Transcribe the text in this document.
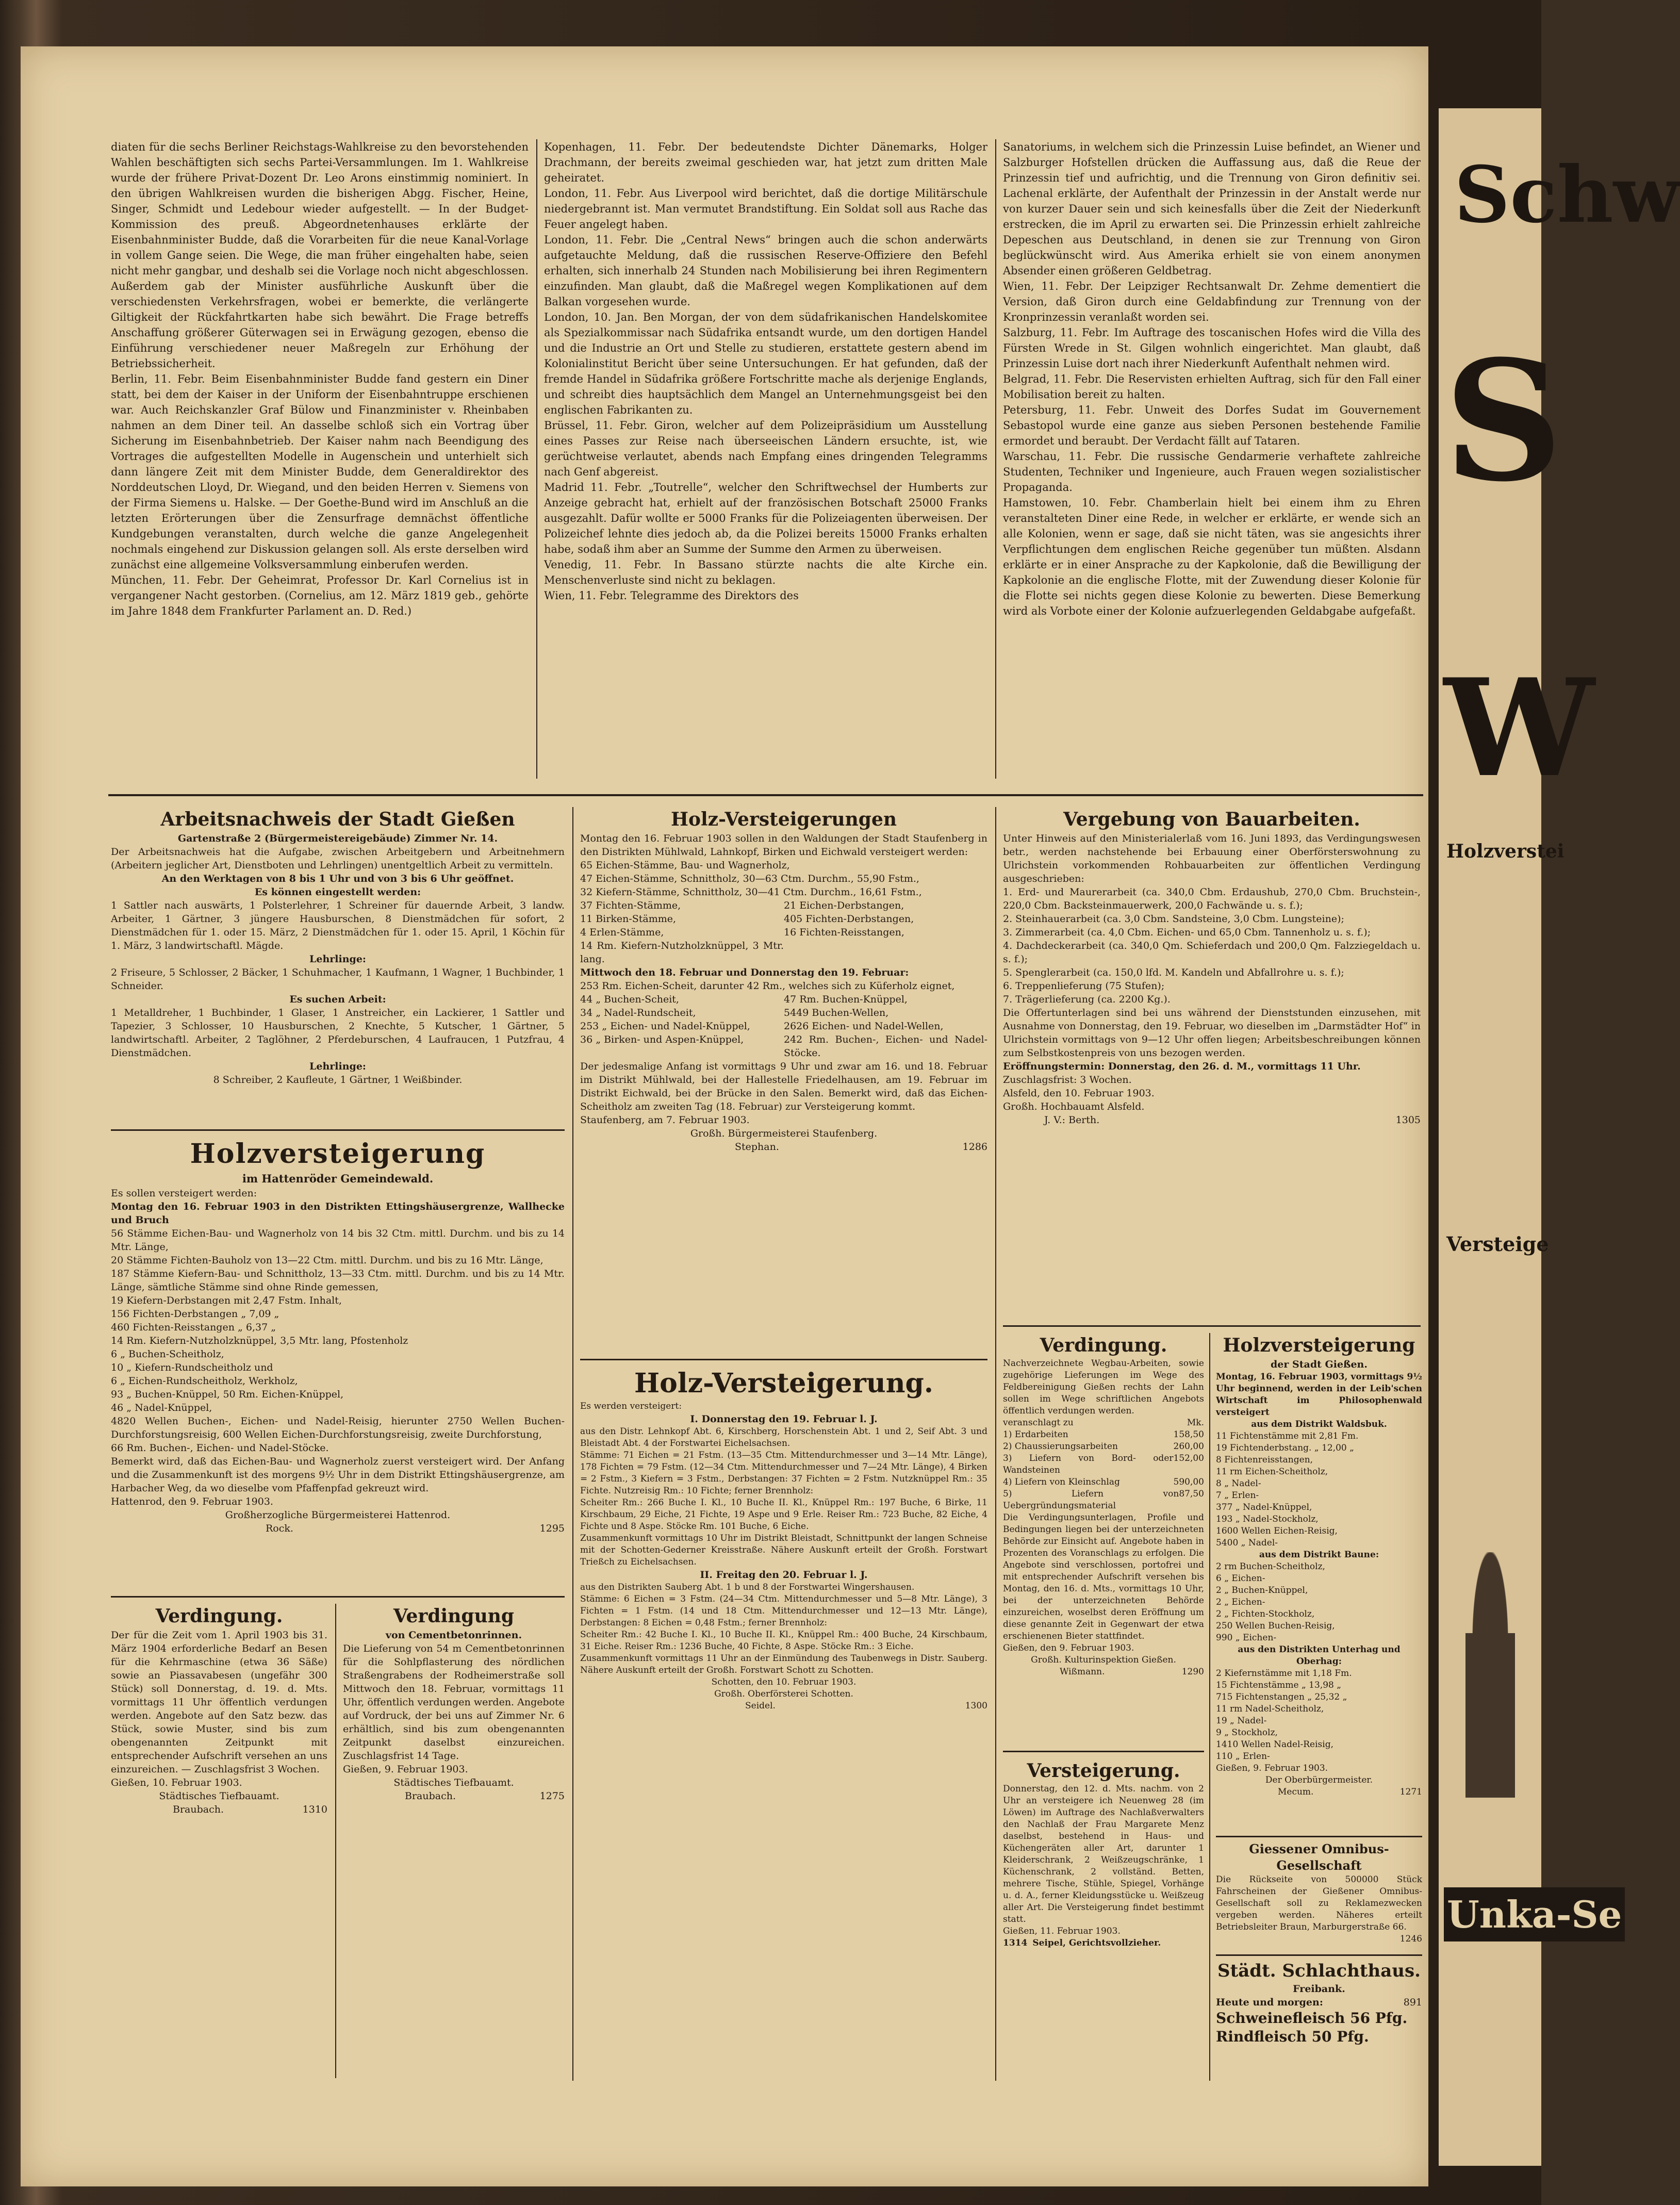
diaten für die sechs Berliner Reichstags-Wahlkreise zu den bevorstehenden Wahlen beschäftigten sich sechs Partei-Versammlungen. Im 1. Wahlkreise wurde der frühere Privat-Dozent Dr. Leo Arons einstimmig nominiert. In den übrigen Wahlkreisen wurden die bisherigen Abgg. Fischer, Heine, Singer, Schmidt und Ledebour wieder aufgestellt. — In der Budget-Kommission des preuß. Abgeordnetenhauses erklärte der Eisenbahnminister Budde, daß die Vorarbeiten für die neue Kanal-Vorlage in vollem Gange seien. Die Wege, die man früher eingehalten habe, seien nicht mehr gangbar, und deshalb sei die Vorlage noch nicht abgeschlossen. Außerdem gab der Minister ausführliche Auskunft über die verschiedensten Verkehrsfragen, wobei er bemerkte, die verlängerte Giltigkeit der Rückfahrtkarten habe sich bewährt. Die Frage betreffs Anschaffung größerer Güterwagen sei in Erwägung gezogen, ebenso die Einführung verschiedener neuer Maßregeln zur Erhöhung der Betriebssicherheit.
Berlin, 11. Febr. Beim Eisenbahnminister Budde fand gestern ein Diner statt, bei dem der Kaiser in der Uniform der Eisenbahntruppe erschienen war. Auch Reichskanzler Graf Bülow und Finanzminister v. Rheinbaben nahmen an dem Diner teil. An dasselbe schloß sich ein Vortrag über Sicherung im Eisenbahnbetrieb. Der Kaiser nahm nach Beendigung des Vortrages die aufgestellten Modelle in Augenschein und unterhielt sich dann längere Zeit mit dem Minister Budde, dem Generaldirektor des Norddeutschen Lloyd, Dr. Wiegand, und den beiden Herren v. Siemens von der Firma Siemens u. Halske. — Der Goethe-Bund wird im Anschluß an die letzten Erörterungen über die Zensurfrage demnächst öffentliche Kundgebungen veranstalten, durch welche die ganze Angelegenheit nochmals eingehend zur Diskussion gelangen soll. Als erste derselben wird zunächst eine allgemeine Volksversammlung einberufen werden.
München, 11. Febr. Der Geheimrat, Professor Dr. Karl Cornelius ist in vergangener Nacht gestorben. (Cornelius, am 12. März 1819 geb., gehörte im Jahre 1848 dem Frankfurter Parlament an. D. Red.)

Kopenhagen, 11. Febr. Der bedeutendste Dichter Dänemarks, Holger Drachmann, der bereits zweimal geschieden war, hat jetzt zum dritten Male geheiratet.
London, 11. Febr. Aus Liverpool wird berichtet, daß die dortige Militärschule niedergebrannt ist. Man vermutet Brandstiftung. Ein Soldat soll aus Rache das Feuer angelegt haben.
London, 11. Febr. Die „Central News“ bringen auch die schon anderwärts aufgetauchte Meldung, daß die russischen Reserve-Offiziere den Befehl erhalten, sich innerhalb 24 Stunden nach Mobilisierung bei ihren Regimentern einzufinden. Man glaubt, daß die Maßregel wegen Komplikationen auf dem Balkan vorgesehen wurde.
London, 10. Jan. Ben Morgan, der von dem südafrikanischen Handelskomitee als Spezialkommissar nach Südafrika entsandt wurde, um den dortigen Handel und die Industrie an Ort und Stelle zu studieren, erstattete gestern abend im Kolonialinstitut Bericht über seine Untersuchungen. Er hat gefunden, daß der fremde Handel in Südafrika größere Fortschritte mache als derjenige Englands, und schreibt dies hauptsächlich dem Mangel an Unternehmungsgeist bei den englischen Fabrikanten zu.
Brüssel, 11. Febr. Giron, welcher auf dem Polizeipräsidium um Ausstellung eines Passes zur Reise nach überseeischen Ländern ersuchte, ist, wie gerüchtweise verlautet, abends nach Empfang eines dringenden Telegramms nach Genf abgereist.
Madrid 11. Febr. „Toutrelle“, welcher den Schriftwechsel der Humberts zur Anzeige gebracht hat, erhielt auf der französischen Botschaft 25000 Franks ausgezahlt. Dafür wollte er 5000 Franks für die Polizeiagenten überweisen. Der Polizeichef lehnte dies jedoch ab, da die Polizei bereits 15000 Franks erhalten habe, sodaß ihm aber an Summe der Summe den Armen zu überweisen.
Venedig, 11. Febr. In Bassano stürzte nachts die alte Kirche ein. Menschenverluste sind nicht zu beklagen.
Wien, 11. Febr. Telegramme des Direktors des

Sanatoriums, in welchem sich die Prinzessin Luise befindet, an Wiener und Salzburger Hofstellen drücken die Auffassung aus, daß die Reue der Prinzessin tief und aufrichtig, und die Trennung von Giron definitiv sei. Lachenal erklärte, der Aufenthalt der Prinzessin in der Anstalt werde nur von kurzer Dauer sein und sich keinesfalls über die Zeit der Niederkunft erstrecken, die im April zu erwarten sei. Die Prinzessin erhielt zahlreiche Depeschen aus Deutschland, in denen sie zur Trennung von Giron beglückwünscht wird. Aus Amerika erhielt sie von einem anonymen Absender einen größeren Geldbetrag.
Wien, 11. Febr. Der Leipziger Rechtsanwalt Dr. Zehme dementiert die Version, daß Giron durch eine Geldabfindung zur Trennung von der Kronprinzessin veranlaßt worden sei.
Salzburg, 11. Febr. Im Auftrage des toscanischen Hofes wird die Villa des Fürsten Wrede in St. Gilgen wohnlich eingerichtet. Man glaubt, daß Prinzessin Luise dort nach ihrer Niederkunft Aufenthalt nehmen wird.
Belgrad, 11. Febr. Die Reservisten erhielten Auftrag, sich für den Fall einer Mobilisation bereit zu halten.
Petersburg, 11. Febr. Unweit des Dorfes Sudat im Gouvernement Sebastopol wurde eine ganze aus sieben Personen bestehende Familie ermordet und beraubt. Der Verdacht fällt auf Tataren.
Warschau, 11. Febr. Die russische Gendarmerie verhaftete zahlreiche Studenten, Techniker und Ingenieure, auch Frauen wegen sozialistischer Propaganda.
Hamstowen, 10. Febr. Chamberlain hielt bei einem ihm zu Ehren veranstalteten Diner eine Rede, in welcher er erklärte, er wende sich an alle Kolonien, wenn er sage, daß sie nicht täten, was sie angesichts ihrer Verpflichtungen dem englischen Reiche gegenüber tun müßten. Alsdann erklärte er in einer Ansprache zu der Kapkolonie, daß die Bewilligung der Kapkolonie an die englische Flotte, mit der Zuwendung dieser Kolonie für die Flotte sei nichts gegen diese Kolonie zu bewerten. Diese Bemerkung wird als Vorbote einer der Kolonie aufzuerlegenden Geldabgabe aufgefaßt.

Arbeitsnachweis der Stadt Gießen

Gartenstraße 2 (Bürgermeistereigebäude) Zimmer Nr. 14.

Der Arbeitsnachweis hat die Aufgabe, zwischen Arbeitgebern und Arbeitnehmern (Arbeitern jeglicher Art, Dienstboten und Lehrlingen) unentgeltlich Arbeit zu vermitteln.

An den Werktagen von 8 bis 1 Uhr und von 3 bis 6 Uhr geöffnet.

Es können eingestellt werden:

1 Sattler nach auswärts, 1 Polsterlehrer, 1 Schreiner für dauernde Arbeit, 3 landw. Arbeiter, 1 Gärtner, 3 jüngere Hausburschen, 8 Dienstmädchen für sofort, 2 Dienstmädchen für 1. oder 15. März, 2 Dienstmädchen für 1. oder 15. April, 1 Köchin für 1. März, 3 landwirtschaftl. Mägde.

Lehrlinge:

2 Friseure, 5 Schlosser, 2 Bäcker, 1 Schuhmacher, 1 Kaufmann, 1 Wagner, 1 Buchbinder, 1 Schneider.

Es suchen Arbeit:

1 Metalldreher, 1 Buchbinder, 1 Glaser, 1 Anstreicher, ein Lackierer, 1 Sattler und Tapezier, 3 Schlosser, 10 Hausburschen, 2 Knechte, 5 Kutscher, 1 Gärtner, 5 landwirtschaftl. Arbeiter, 2 Taglöhner, 2 Pferdeburschen, 4 Laufraucen, 1 Putzfrau, 4 Dienstmädchen.

Lehrlinge:

8 Schreiber, 2 Kaufleute, 1 Gärtner, 1 Weißbinder.

Holzversteigerung

im Hattenröder Gemeindewald.

Es sollen versteigert werden:

Montag den 16. Februar 1903 in den Distrikten Ettingshäusergrenze, Wallhecke und Bruch

56 Stämme Eichen-Bau- und Wagnerholz von 14 bis 32 Ctm. mittl. Durchm. und bis zu 14 Mtr. Länge,

20 Stämme Fichten-Bauholz von 13—22 Ctm. mittl. Durchm. und bis zu 16 Mtr. Länge,

187 Stämme Kiefern-Bau- und Schnittholz, 13—33 Ctm. mittl. Durchm. und bis zu 14 Mtr. Länge, sämtliche Stämme sind ohne Rinde gemessen,

19 Kiefern-Derbstangen mit 2,47 Fstm. Inhalt,

156 Fichten-Derbstangen „ 7,09 „

460 Fichten-Reisstangen „ 6,37 „

14 Rm. Kiefern-Nutzholzknüppel, 3,5 Mtr. lang, Pfostenholz

6 „ Buchen-Scheitholz,

10 „ Kiefern-Rundscheitholz und

6 „ Eichen-Rundscheitholz, Werkholz,

93 „ Buchen-Knüppel, 50 Rm. Eichen-Knüppel,

46 „ Nadel-Knüppel,

4820 Wellen Buchen-, Eichen- und Nadel-Reisig, hierunter 2750 Wellen Buchen-Durchforstungsreisig, 600 Wellen Eichen-Durchforstungsreisig, zweite Durchforstung,

66 Rm. Buchen-, Eichen- und Nadel-Stöcke.

Bemerkt wird, daß das Eichen-Bau- und Wagnerholz zuerst versteigert wird. Der Anfang und die Zusammenkunft ist des morgens 9½ Uhr in dem Distrikt Ettingshäusergrenze, am Harbacher Weg, da wo dieselbe vom Pfaffenpfad gekreuzt wird.

Hattenrod, den 9. Februar 1903.

Großherzogliche Bürgermeisterei Hattenrod.

Rock.	1295

Verdingung.

Der für die Zeit vom 1. April 1903 bis 31. März 1904 erforderliche Bedarf an Besen für die Kehrmaschine (etwa 36 Säße) sowie an Piassavabesen (ungefähr 300 Stück) soll Donnerstag, d. 19. d. Mts. vormittags 11 Uhr öffentlich verdungen werden. Angebote auf den Satz bezw. das Stück, sowie Muster, sind bis zum obengenannten Zeitpunkt mit entsprechender Aufschrift versehen an uns einzureichen. — Zuschlagsfrist 3 Wochen.

Gießen, 10. Februar 1903.

Städtisches Tiefbauamt.

Braubach.	1310

Verdingung

von Cementbetonrinnen.

Die Lieferung von 54 m Cementbetonrinnen für die Sohlpflasterung des nördlichen Straßengrabens der Rodheimerstraße soll Mittwoch den 18. Februar, vormittags 11 Uhr, öffentlich verdungen werden. Angebote auf Vordruck, der bei uns auf Zimmer Nr. 6 erhältlich, sind bis zum obengenannten Zeitpunkt daselbst einzureichen. Zuschlagsfrist 14 Tage.

Gießen, 9. Februar 1903.

Städtisches Tiefbauamt.

Braubach.	1275

Holz-Versteigerungen

Montag den 16. Februar 1903 sollen in den Waldungen der Stadt Staufenberg in den Distrikten Mühlwald, Lahnkopf, Birken und Eichwald versteigert werden:

65 Eichen-Stämme, Bau- und Wagnerholz,

47 Eichen-Stämme, Schnittholz, 30—63 Ctm. Durchm., 55,90 Fstm.,

32 Kiefern-Stämme, Schnittholz, 30—41 Ctm. Durchm., 16,61 Fstm.,

37 Fichten-Stämme,	21 Eichen-Derbstangen,

11 Birken-Stämme,	405 Fichten-Derbstangen,

4 Erlen-Stämme,	16 Fichten-Reisstangen,

14 Rm. Kiefern-Nutzholzknüppel, 3 Mtr. lang.

Mittwoch den 18. Februar und Donnerstag den 19. Februar:

253 Rm. Eichen-Scheit, darunter 42 Rm., welches sich zu Küferholz eignet,

44 „ Buchen-Scheit,	47 Rm. Buchen-Knüppel,

34 „ Nadel-Rundscheit,	5449 Buchen-Wellen,

253 „ Eichen- und Nadel-Knüppel,	2626 Eichen- und Nadel-Wellen,

36 „ Birken- und Aspen-Knüppel,	242 Rm. Buchen-, Eichen- und Nadel-Stöcke.

Der jedesmalige Anfang ist vormittags 9 Uhr und zwar am 16. und 18. Februar im Distrikt Mühlwald, bei der Hallestelle Friedelhausen, am 19. Februar im Distrikt Eichwald, bei der Brücke in den Salen. Bemerkt wird, daß das Eichen-Scheitholz am zweiten Tag (18. Februar) zur Versteigerung kommt.

Staufenberg, am 7. Februar 1903.

Großh. Bürgermeisterei Staufenberg.

Stephan.	1286

Holz-Versteigerung.

Es werden versteigert:

I. Donnerstag den 19. Februar l. J.

aus den Distr. Lehnkopf Abt. 6, Kirschberg, Horschenstein Abt. 1 und 2, Seif Abt. 3 und Bleistadt Abt. 4 der Forstwartei Eichelsachsen.

Stämme: 71 Eichen = 21 Fstm. (13—35 Ctm. Mittendurchmesser und 3—14 Mtr. Länge), 178 Fichten = 79 Fstm. (12—34 Ctm. Mittendurchmesser und 7—24 Mtr. Länge), 4 Birken = 2 Fstm., 3 Kiefern = 3 Fstm., Derbstangen: 37 Fichten = 2 Fstm. Nutzknüppel Rm.: 35 Fichte. Nutzreisig Rm.: 10 Fichte; ferner Brennholz:

Scheiter Rm.: 266 Buche I. Kl., 10 Buche II. Kl., Knüppel Rm.: 197 Buche, 6 Birke, 11 Kirschbaum, 29 Eiche, 21 Fichte, 19 Aspe und 9 Erle. Reiser Rm.: 723 Buche, 82 Eiche, 4 Fichte und 8 Aspe. Stöcke Rm. 101 Buche, 6 Eiche.

Zusammenkunft vormittags 10 Uhr im Distrikt Bleistadt, Schnittpunkt der langen Schneise mit der Schotten-Gederner Kreisstraße. Nähere Auskunft erteilt der Großh. Forstwart Trießch zu Eichelsachsen.

II. Freitag den 20. Februar l. J.

aus den Distrikten Sauberg Abt. 1 b und 8 der Forstwartei Wingershausen.

Stämme: 6 Eichen = 3 Fstm. (24—34 Ctm. Mittendurchmesser und 5—8 Mtr. Länge), 3 Fichten = 1 Fstm. (14 und 18 Ctm. Mittendurchmesser und 12—13 Mtr. Länge), Derbstangen: 8 Eichen = 0,48 Fstm.; ferner Brennholz:

Scheiter Rm.: 42 Buche I. Kl., 10 Buche II. Kl., Knüppel Rm.: 400 Buche, 24 Kirschbaum, 31 Eiche. Reiser Rm.: 1236 Buche, 40 Fichte, 8 Aspe. Stöcke Rm.: 3 Eiche.

Zusammenkunft vormittags 11 Uhr an der Einmündung des Taubenwegs in Distr. Sauberg. Nähere Auskunft erteilt der Großh. Forstwart Schott zu Schotten.

Schotten, den 10. Februar 1903.

Großh. Oberförsterei Schotten.

Seidel.	1300

Vergebung von Bauarbeiten.

Unter Hinweis auf den Ministerialerlaß vom 16. Juni 1893, das Verdingungswesen betr., werden nachstehende bei Erbauung einer Oberförsterswohnung zu Ulrichstein vorkommenden Rohbauarbeiten zur öffentlichen Verdingung ausgeschrieben:

1. Erd- und Maurerarbeit (ca. 340,0 Cbm. Erdaushub, 270,0 Cbm. Bruchstein-, 220,0 Cbm. Backsteinmauerwerk, 200,0 Fachwände u. s. f.);

2. Steinhauerarbeit (ca. 3,0 Cbm. Sandsteine, 3,0 Cbm. Lungsteine);

3. Zimmerarbeit (ca. 4,0 Cbm. Eichen- und 65,0 Cbm. Tannenholz u. s. f.);

4. Dachdeckerarbeit (ca. 340,0 Qm. Schieferdach und 200,0 Qm. Falzziegeldach u. s. f.);

5. Spenglerarbeit (ca. 150,0 lfd. M. Kandeln und Abfallrohre u. s. f.);

6. Treppenlieferung (75 Stufen);

7. Trägerlieferung (ca. 2200 Kg.).

Die Offertunterlagen sind bei uns während der Dienststunden einzusehen, mit Ausnahme von Donnerstag, den 19. Februar, wo dieselben im „Darmstädter Hof“ in Ulrichstein vormittags von 9—12 Uhr offen liegen; Arbeitsbeschreibungen können zum Selbstkostenpreis von uns bezogen werden.

Eröffnungstermin: Donnerstag, den 26. d. M., vormittags 11 Uhr.

Zuschlagsfrist: 3 Wochen.

Alsfeld, den 10. Februar 1903.

Großh. Hochbauamt Alsfeld.

J. V.: Berth.	1305

Verdingung.

Nachverzeichnete Wegbau-Arbeiten, sowie zugehörige Lieferungen im Wege des Feldbereinigung Gießen rechts der Lahn sollen im Wege schriftlichen Angebots öffentlich verdungen werden.

veranschlagt zu	Mk.
1) Erdarbeiten	158,50
2) Chaussierungsarbeiten	260,00
3) Liefern von Bord- oder Wandsteinen
152,00
4) Liefern von Kleinschlag	590,00
5) Liefern von Uebergründungsmaterial
87,50

Die Verdingungsunterlagen, Profile und Bedingungen liegen bei der unterzeichneten Behörde zur Einsicht auf. Angebote haben in Prozenten des Voranschlags zu erfolgen. Die Angebote sind verschlossen, portofrei und mit entsprechender Aufschrift versehen bis Montag, den 16. d. Mts., vormittags 10 Uhr, bei der unterzeichneten Behörde einzureichen, woselbst deren Eröffnung um diese genannte Zeit in Gegenwart der etwa erschienenen Bieter stattfindet.

Gießen, den 9. Februar 1903.

Großh. Kulturinspektion Gießen.

Wißmann.	1290

Versteigerung.

Donnerstag, den 12. d. Mts. nachm. von 2 Uhr an versteigere ich Neuenweg 28 (im Löwen) im Auftrage des Nachlaßverwalters den Nachlaß der Frau Margarete Menz daselbst, bestehend in Haus- und Küchengeräten aller Art, darunter 1 Kleiderschrank, 2 Weißzeugschränke, 1 Küchenschrank, 2 vollständ. Betten, mehrere Tische, Stühle, Spiegel, Vorhänge u. d. A., ferner Kleidungsstücke u. Weißzeug aller Art. Die Versteigerung findet bestimmt statt.

Gießen, 11. Februar 1903.

1314 Seipel, Gerichtsvollzieher.

Holzversteigerung

der Stadt Gießen.

Montag, 16. Februar 1903, vormittags 9½ Uhr beginnend, werden in der Leib'schen Wirtschaft im Philosophenwald versteigert

aus dem Distrikt Waldsbuk.

11 Fichtenstämme mit 2,81 Fm.

19 Fichtenderbstang. „ 12,00 „

8 Fichtenreisstangen,

11 rm Eichen-Scheitholz,

8 „ Nadel-

7 „ Erlen-

377 „ Nadel-Knüppel,

193 „ Nadel-Stockholz,

1600 Wellen Eichen-Reisig,

5400 „ Nadel-

aus dem Distrikt Baune:

2 rm Buchen-Scheitholz,

6 „ Eichen-

2 „ Buchen-Knüppel,

2 „ Eichen-

2 „ Fichten-Stockholz,

250 Wellen Buchen-Reisig,

990 „ Eichen-

aus den Distrikten Unterhag und Oberhag:

2 Kiefernstämme mit 1,18 Fm.

15 Fichtenstämme „ 13,98 „

715 Fichtenstangen „ 25,32 „

11 rm Nadel-Scheitholz,

19 „ Nadel-

9 „ Stockholz,

1410 Wellen Nadel-Reisig,

110 „ Erlen-

Gießen, 9. Februar 1903.

Der Oberbürgermeister.

Mecum.	1271

Giessener Omnibus-Gesellschaft

Die Rückseite von 500000 Stück Fahrscheinen der Gießener Omnibus-Gesellschaft soll zu Reklamezwecken vergeben werden. Näheres erteilt Betriebsleiter Braun, Marburgerstraße 66.

1246

Städt. Schlachthaus.

Freibank.

Heute und morgen:	891

Schweinefleisch 56 Pfg.

Rindfleisch 50 Pfg.

Schw
S
W
Holzverstei
Versteige
Unka-Se
